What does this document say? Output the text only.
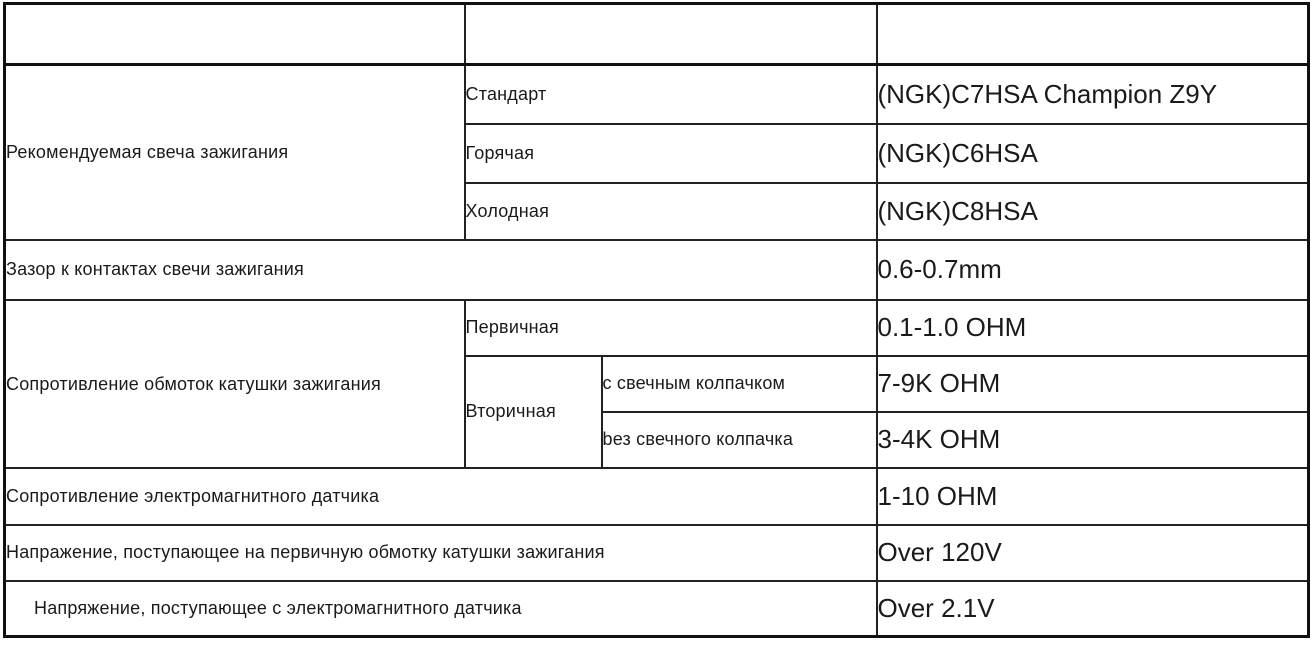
Рекомендуемая свеча зажигания	Стандарт		(NGK)C7HSA Champion Z9Y
	Горячая		(NGK)C6HSA
	Холодная		(NGK)C8HSA
Зазор к контактах свечи зажигания			0.6-0.7mm
Сопротивление обмоток катушки зажигания	Первичная		0.1-1.0 OHM
	Вторичная	с свечным колпачком	7-9K OHM
		bез свечного колпачка	3-4K OHM
Сопротивление электромагнитного датчика			1-10 OHM
Напражение, поступающее на первичную обмотку катушки зажигания			Over 120V
Напряжение, поступающее с электромагнитного датчика			Over 2.1V
